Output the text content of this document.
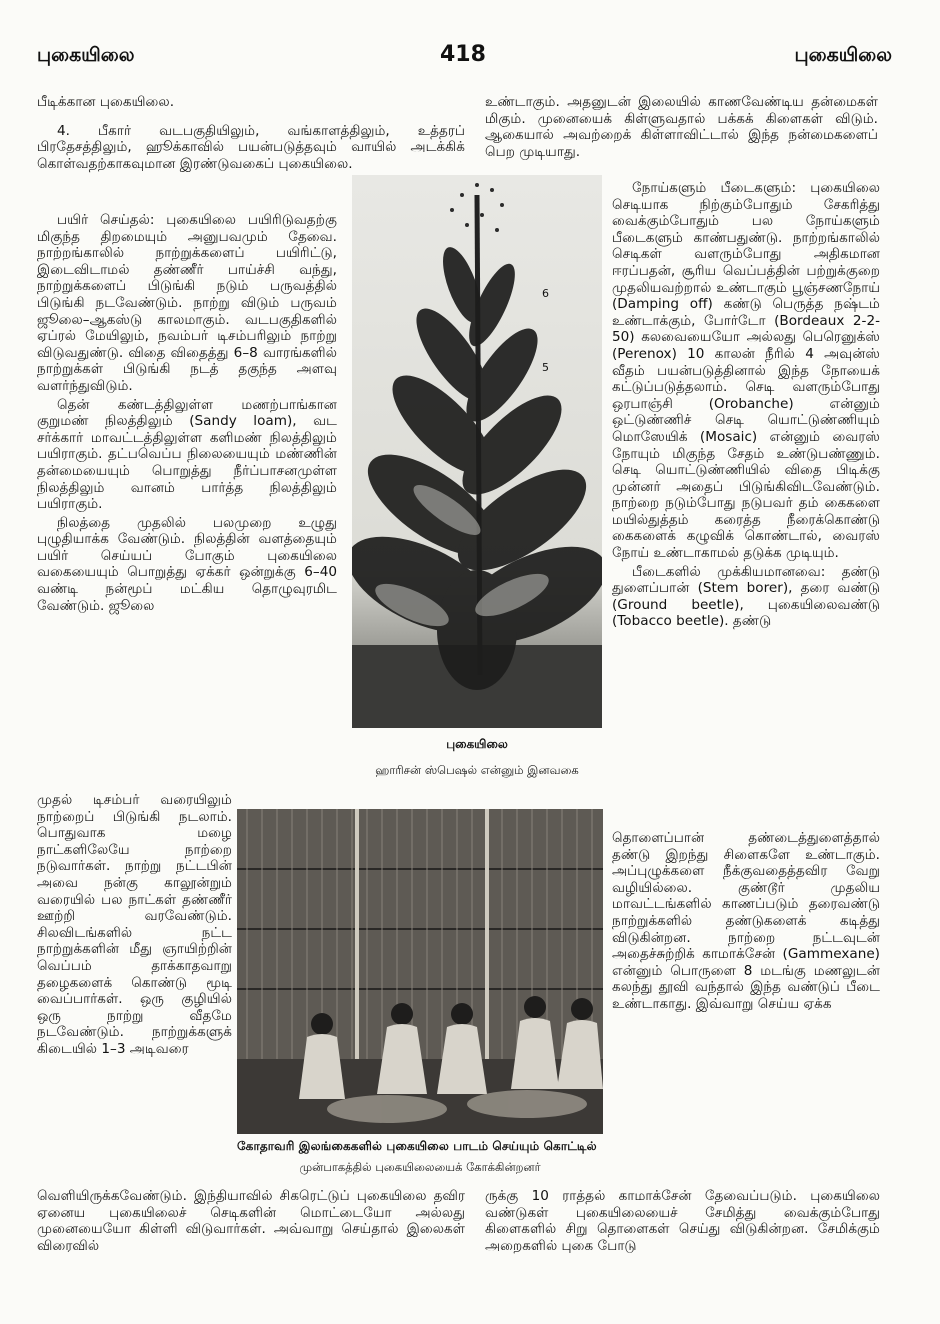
புகையிலை	418	புகையிலை

பீடிக்கான புகையிலை.

4. பீகார் வடபகுதியிலும், வங்காளத்திலும், உத்தரப் பிரதேசத்திலும், ஹூக்காவில் பயன்படுத்தவும் வாயில் அடக்கிக் கொள்வதற்காகவுமான இரண்டுவகைப் புகையிலை.

உண்டாகும். அதனுடன் இலையில் காணவேண்டிய தன்மைகள் மிகும். முனையைக் கிள்ளுவதால் பக்கக் கிளைகள் விடும். ஆகையால் அவற்றைக் கிள்ளாவிட்டால் இந்த நன்மைகளைப் பெற முடியாது.

பயிர் செய்தல்: புகையிலை பயிரிடுவதற்கு மிகுந்த திறமையும் அனுபவமும் தேவை. நாற்றங்காலில் நாற்றுக்களைப் பயிரிட்டு, இடைவிடாமல் தண்ணீர் பாய்ச்சி வந்து, நாற்றுக்களைப் பிடுங்கி நடும் பருவத்தில் பிடுங்கி நடவேண்டும். நாற்று விடும் பருவம் ஜூலை–ஆகஸ்டு காலமாகும். வடபகுதிகளில் ஏப்ரல் மேயிலும், நவம்பர் டிசம்பரிலும் நாற்று விடுவதுண்டு. விதை விதைத்து 6–8 வாரங்களில் நாற்றுக்கள் பிடுங்கி நடத் தகுந்த அளவு வளர்ந்துவிடும்.

தென் கண்டத்திலுள்ள மணற்பாங்கான குறுமண் நிலத்திலும் (Sandy loam), வட சர்க்கார் மாவட்டத்திலுள்ள களிமண் நிலத்திலும் பயிராகும். தட்பவெப்ப நிலையையும் மண்ணின் தன்மையையும் பொறுத்து நீர்ப்பாசனமுள்ள நிலத்திலும் வானம் பார்த்த நிலத்திலும் பயிராகும்.

நிலத்தை முதலில் பலமுறை உழுது புழுதியாக்க வேண்டும். நிலத்தின் வளத்தையும் பயிர் செய்யப் போகும் புகையிலை வகையையும் பொறுத்து ஏக்கர் ஒன்றுக்கு 6–40 வண்டி நன்மூப் மட்கிய தொழுவுரமிட வேண்டும். ஜூலை

முதல் டிசம்பர் வரையிலும் நாற்றைப் பிடுங்கி நடலாம். பொதுவாக மழை நாட்களிலேயே நாற்றை நடுவார்கள். நாற்று நட்டபின் அவை நன்கு காலூன்றும் வரையில் பல நாட்கள் தண்ணீர் ஊற்றி வரவேண்டும். சிலவிடங்களில் நட்ட நாற்றுக்களின் மீது ஞாயிற்றின் வெப்பம் தாக்காதவாறு தழைகளைக் கொண்டு மூடி வைப்பார்கள். ஒரு குழியில் ஒரு நாற்று வீதமே நடவேண்டும். நாற்றுக்களுக் கிடையில் 1–3 அடிவரை

நோய்களும் பீடைகளும்: புகையிலை செடியாக நிற்கும்போதும் சேகரித்து வைக்கும்போதும் பல நோய்களும் பீடைகளும் காண்பதுண்டு. நாற்றங்காலில் செடிகள் வளரும்போது அதிகமான ஈரப்பதன், சூரிய வெப்பத்தின் பற்றுக்குறை முதலியவற்றால் உண்டாகும் பூஞ்சணநோய் (Damping off) கண்டு பெருத்த நஷ்டம் உண்டாக்கும், போர்டோ (Bordeaux 2-2-50) கலவையையோ அல்லது பெரெனுக்ஸ் (Perenox) 10 காலன் நீரில் 4 அவுன்ஸ் வீதம் பயன்படுத்தினால் இந்த நோயைக் கட்டுப்படுத்தலாம். செடி வளரும்போது ஒரபாஞ்சி (Orobanche) என்னும் ஒட்டுண்ணிச் செடி யொட்டுண்ணியும் மொஸேயிக் (Mosaic) என்னும் வைரஸ் நோயும் மிகுந்த சேதம் உண்டுபண்ணும். செடி யொட்டுண்ணியில் விதை பிடிக்கு முன்னர் அதைப் பிடுங்கிவிடவேண்டும். நாற்றை நடும்போது நடுபவர் தம் கைகளை மயில்துத்தம் கரைத்த நீரைக்கொண்டு கைகளைக் கழுவிக் கொண்டால், வைரஸ் நோய் உண்டாகாமல் தடுக்க முடியும்.

பீடைகளில் முக்கியமானவை: தண்டு துளைப்பான் (Stem borer), தரை வண்டு (Ground beetle), புகையிலைவண்டு (Tobacco beetle). தண்டு

தொளைப்பான் தண்டைத்துளைத்தால் தண்டு இறந்து சிளைகளே உண்டாகும். அப்புழுக்களை நீக்குவதைத்தவிர வேறு வழியில்லை. குண்டூர் முதலிய மாவட்டங்களில் காணப்படும் தரைவண்டு நாற்றுக்களில் தண்டுகளைக் கடித்து விடுகின்றன. நாற்றை நட்டவுடன் அதைச்சுற்றிக் காமாக்சேன் (Gammexane) என்னும் பொருளை 8 மடங்கு மணலுடன் கலந்து தூவி வந்தால் இந்த வண்டுப் பீடை உண்டாகாது. இவ்வாறு செய்ய ஏக்க

வெளியிருக்கவேண்டும். இந்தியாவில் சிகரெட்டுப் புகையிலை தவிர ஏனைய புகையிலைச் செடிகளின் மொட்டையோ அல்லது முனையையோ கிள்ளி விடுவார்கள். அவ்வாறு செய்தால் இலைகள் விரைவில்

ருக்கு 10 ராத்தல் காமாக்சேன் தேவைப்படும். புகையிலை வண்டுகள் புகையிலையைச் சேமித்து வைக்கும்போது கிளைகளில் சிறு தொளைகள் செய்து விடுகின்றன. சேமிக்கும் அறைகளில் புகை போடு

6
5
புகையிலை
ஹாரிசன் ஸ்பெஷல் என்னும் இனவகை
கோதாவரி இலங்கைகளில் புகையிலை பாடம் செய்யும் கொட்டில்
முன்பாகத்தில் புகையிலையைக் கோக்கின்றனர்
